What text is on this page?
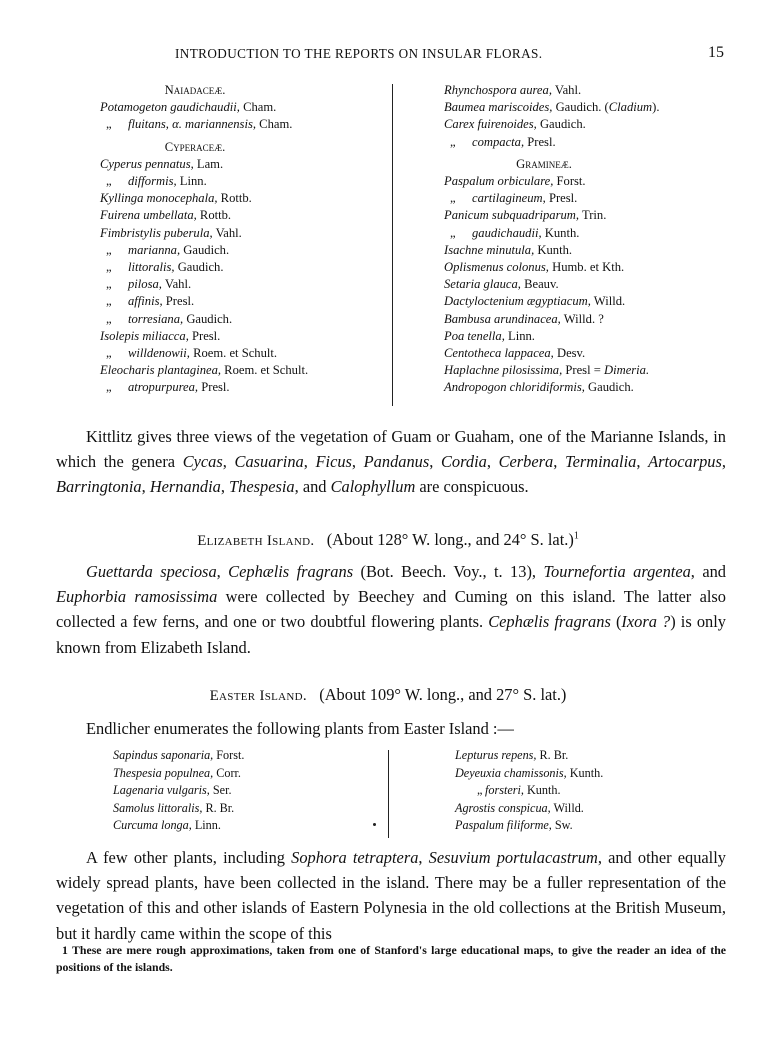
INTRODUCTION TO THE REPORTS ON INSULAR FLORAS.	15
Naiadaceæ.
Potamogeton gaudichaudii, Cham.
„ fluitans, α. mariannensis, Cham.
Cyperaceæ.
Cyperus pennatus, Lam.
„ difformis, Linn.
Kyllinga monocephala, Rottb.
Fuirena umbellata, Rottb.
Fimbristylis puberula, Vahl.
„ marianna, Gaudich.
„ littoralis, Gaudich.
„ pilosa, Vahl.
„ affinis, Presl.
„ torresiana, Gaudich.
Isolepis miliacca, Presl.
„ willdenowii, Roem. et Schult.
Eleocharis plantaginea, Roem. et Schult.
„ atropurpurea, Presl.
Rhynchospora aurea, Vahl.
Baumea mariscoides, Gaudich. (Cladium).
Carex fuirenoides, Gaudich.
„ compacta, Presl.
Gramineæ.
Paspalum orbiculare, Forst.
„ cartilagineum, Presl.
Panicum subquadriparum, Trin.
„ gaudichaudii, Kunth.
Isachne minutula, Kunth.
Oplismenus colonus, Humb. et Kth.
Setaria glauca, Beauv.
Dactyloctenium ægyptiacum, Willd.
Bambusa arundinacea, Willd. ?
Poa tenella, Linn.
Centotheca lappacea, Desv.
Haplachne pilosissima, Presl = Dimeria.
Andropogon chloridiformis, Gaudich.

Kittlitz gives three views of the vegetation of Guam or Guaham, one of the Marianne Islands, in which the genera Cycas, Casuarina, Ficus, Pandanus, Cordia, Cerbera, Terminalia, Artocarpus, Barringtonia, Hernandia, Thespesia, and Calophyllum are conspicuous.

Elizabeth Island. (About 128° W. long., and 24° S. lat.)$^1$

Guettarda speciosa, Cephælis fragrans (Bot. Beech. Voy., t. 13), Tournefortia argentea, and Euphorbia ramosissima were collected by Beechey and Cuming on this island. The latter also collected a few ferns, and one or two doubtful flowering plants. Cephælis fragrans (Ixora ?) is only known from Elizabeth Island.

Easter Island. (About 109° W. long., and 27° S. lat.)

Endlicher enumerates the following plants from Easter Island :—

Sapindus saponaria, Forst.
Thespesia populnea, Corr.
Lagenaria vulgaris, Ser.
Samolus littoralis, R. Br.
Curcuma longa, Linn.
Lepturus repens, R. Br.
Deyeuxia chamissonis, Kunth.
„ forsteri, Kunth.
Agrostis conspicua, Willd.
Paspalum filiforme, Sw.

A few other plants, including Sophora tetraptera, Sesuvium portulacastrum, and other equally widely spread plants, have been collected in the island. There may be a fuller representation of the vegetation of this and other islands of Eastern Polynesia in the old collections at the British Museum, but it hardly came within the scope of this

1 These are mere rough approximations, taken from one of Stanford's large educational maps, to give the reader an idea of the positions of the islands.
